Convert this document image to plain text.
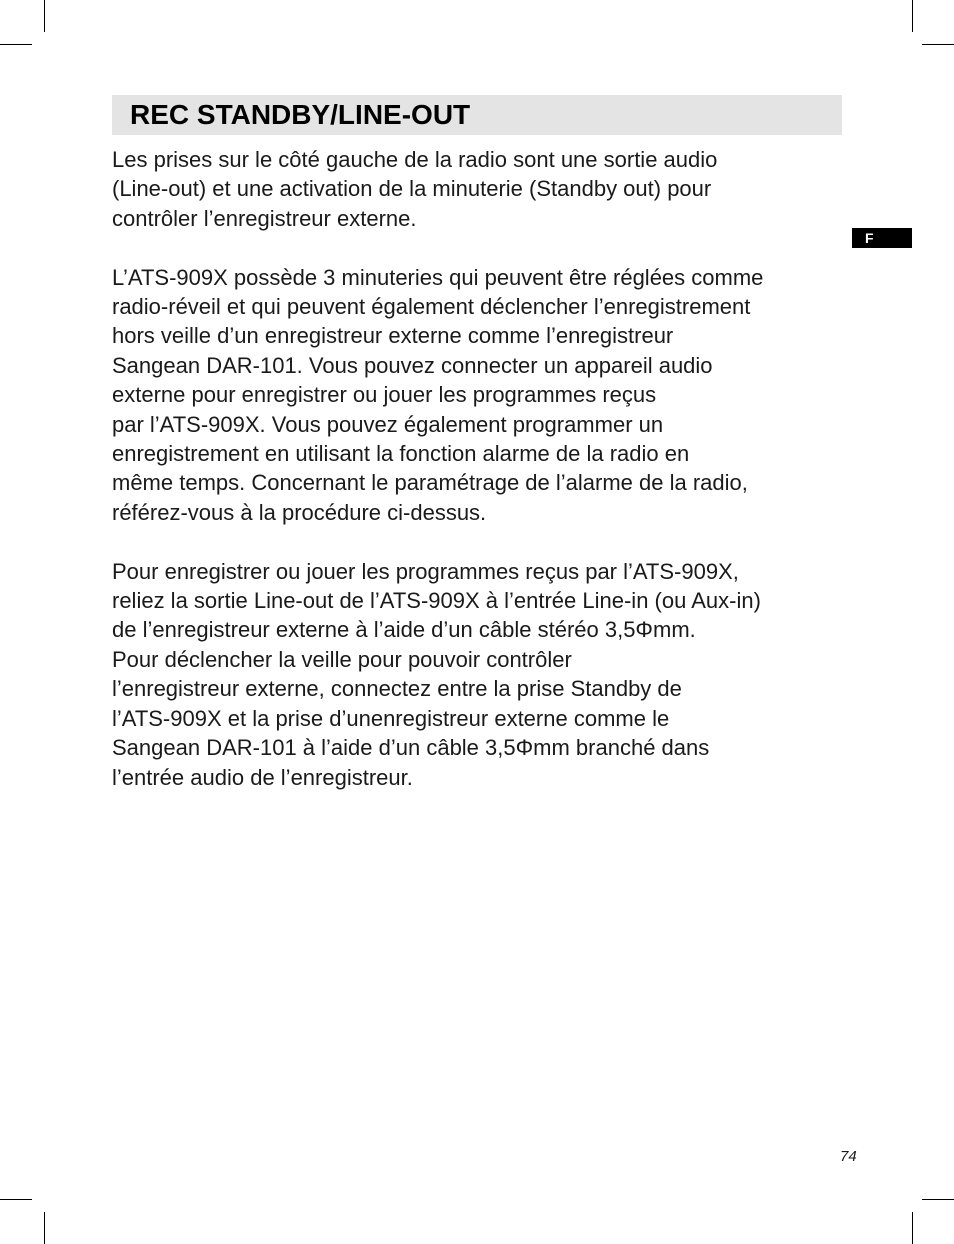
REC STANDBY/LINE-OUT
F

Les prises sur le côté gauche de la radio sont une sortie audio
(Line-out) et une activation de la minuterie (Standby out) pour
contrôler l’enregistreur externe.

L’ATS-909X possède 3 minuteries qui peuvent être réglées comme
radio-réveil et qui peuvent également déclencher l’enregistrement
hors veille d’un enregistreur externe comme l’enregistreur
Sangean DAR-101. Vous pouvez connecter un appareil audio
externe pour enregistrer ou jouer les programmes reçus
par l’ATS-909X. Vous pouvez également programmer un
enregistrement en utilisant la fonction alarme de la radio en
même temps. Concernant le paramétrage de l’alarme de la radio,
référez-vous à la procédure ci-dessus.

Pour enregistrer ou jouer les programmes reçus par l’ATS-909X,
reliez la sortie Line-out de l’ATS-909X à l’entrée Line-in (ou Aux-in)
de l’enregistreur externe à l’aide d’un câble stéréo 3,5Φmm.
Pour déclencher la veille pour pouvoir contrôler
l’enregistreur externe, connectez entre la prise Standby de
l’ATS-909X et la prise d’unenregistreur externe comme le
Sangean DAR-101 à l’aide d’un câble 3,5Φmm branché dans
l’entrée audio de l’enregistreur.

74
